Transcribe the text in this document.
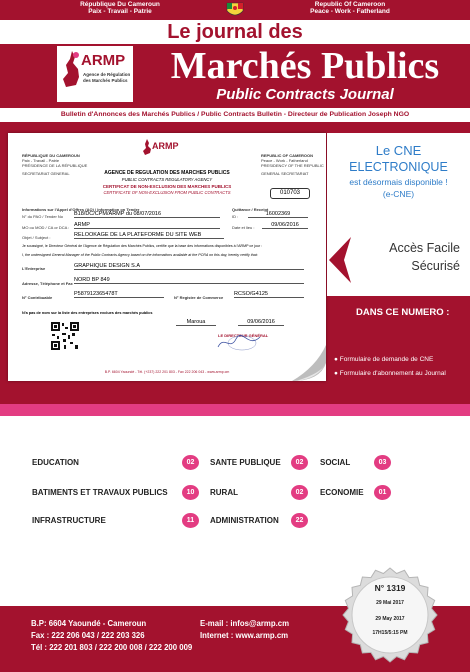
République Du Cameroun
Paix - Travail - Patrie
Republic Of Cameroon
Peace - Work - Fatherland
Le journal des
ARMP
Agence de Régulation
des Marchés Publics	Marchés Publics
Public Contracts Journal
Bulletin d'Annonces des Marchés Publics / Public Contracts Bulletin - Directeur de Publication Joseph NGO
RÉPUBLIQUE DU CAMEROUN
Paix - Travail - Patrie
PRÉSIDENCE DE LA RÉPUBLIQUE
SECRETARIAT GENERAL
ARMP
REPUBLIC OF CAMEROON
Peace - Work - Fatherland
PRESIDENCY OF THE REPUBLIC
GENERAL SECRETARIAT
AGENCE DE REGULATION DES MARCHES PUBLICS
PUBLIC CONTRACTS REGULATORY AGENCY
CERTIFICAT DE NON-EXCLUSION DES MARCHES PUBLICS
CERTIFICATE OF NON-EXCLUSION FROM PUBLIC CONTRACTS	010703
Informations sur l'Appel d'Offres (AO) / Information on Tender	Quittance / Receipt
N° du PAO / Tender No B18/DC/CPM/ARMP du 08/07/2016	ID :	16002369
MO ou MOD / CA or DCA : ARMP	Date et lieu :	09/06/2016
Objet / Subject :	RELOOKAGE DE LA PLATEFORME DU SITE WEB
Je soussigné, le Directeur Général de l'Agence de Régulation des Marchés Publics, certifie que la base des informations disponibles à l'ARMP ce jour :
I, the undersigned General Manager of the Public Contracts Agency based on the informations available at the PCRA on this day, hereby certify that:
L'Entreprise	GRAPHIQUE DESIGN S.A
Adresse, Téléphone et Fax
NORD BP 849
N° Contribuable
P587912365478T
N° Registre de Commerce
RCSO/G4125
N'a pas de nom sur la liste des entreprises exclues des marchés publics
Maroua	09/06/2016
LE DIRECTEUR GÉNÉRAL
B.P. 6604 Yaoundé - Tél. (+237) 222 201 803 - Fax 222 206 043 - www.armp.cm
Le CNE
ELECTRONIQUE
est désormais disponible !
(e-CNE)
Accès Facile
Sécurisé
DANS CE NUMERO :
● Formulaire de demande de CNE
● Formulaire d'abonnement au Journal
EDUCATION	02	SANTE PUBLIQUE	02	SOCIAL	03
BATIMENTS ET TRAVAUX PUBLICS	10	RURAL	02	ECONOMIE	01
INFRASTRUCTURE	11	ADMINISTRATION	22
B.P: 6604 Yaoundé - Cameroun
Fax : 222 206 043 / 222 203 326
Tél : 222 201 803 / 222 200 008 / 222 200 009
E-mail : infos@armp.cm
Internet : www.armp.cm
N° 1319
29 Mai 2017
29 May 2017
17H15/5:15 PM
